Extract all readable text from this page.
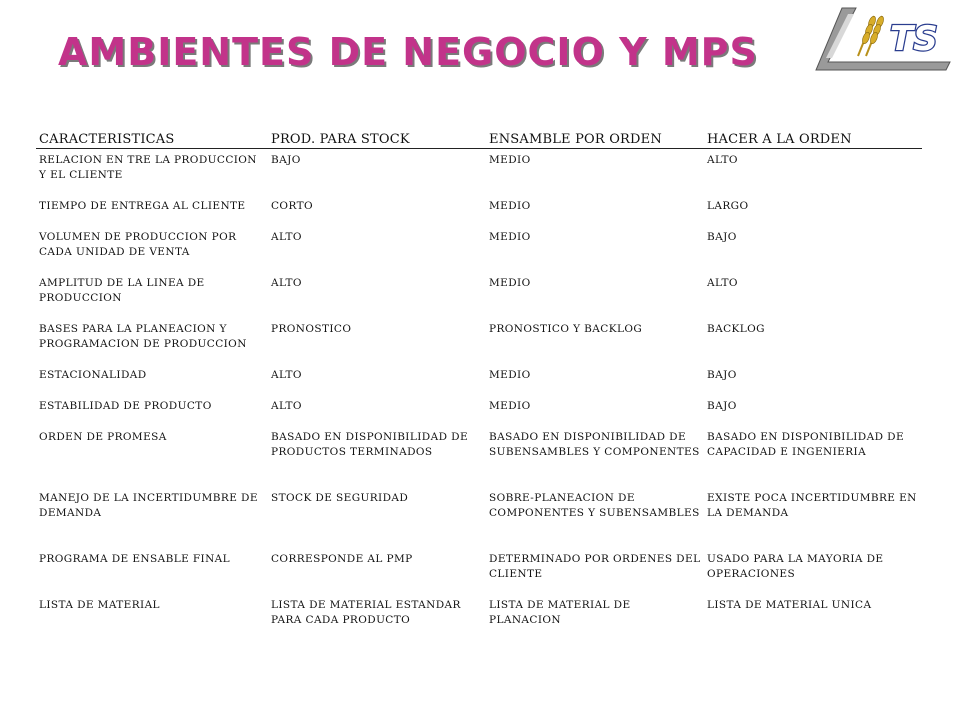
AMBIENTES DE NEGOCIO Y MPS	TS
CARACTERISTICAS	PROD. PARA STOCK	ENSAMBLE POR ORDEN	HACER A LA ORDEN
RELACION EN TRE LA PRODUCCION Y EL CLIENTE	BAJO	MEDIO	ALTO
TIEMPO DE ENTREGA AL CLIENTE	CORTO	MEDIO	LARGO
VOLUMEN DE PRODUCCION POR CADA UNIDAD DE VENTA	ALTO	MEDIO	BAJO
AMPLITUD DE LA LINEA DE PRODUCCION	ALTO	MEDIO	ALTO
BASES PARA LA PLANEACION Y PROGRAMACION DE PRODUCCION	PRONOSTICO	PRONOSTICO Y BACKLOG	BACKLOG
ESTACIONALIDAD	ALTO	MEDIO	BAJO
ESTABILIDAD DE PRODUCTO	ALTO	MEDIO	BAJO
ORDEN DE PROMESA	BASADO EN DISPONIBILIDAD DE PRODUCTOS TERMINADOS	BASADO EN DISPONIBILIDAD DE SUBENSAMBLES Y COMPONENTES	BASADO EN DISPONIBILIDAD DE CAPACIDAD E INGENIERIA
MANEJO DE LA INCERTIDUMBRE DE DEMANDA	STOCK DE SEGURIDAD	SOBRE-PLANEACION DE COMPONENTES Y SUBENSAMBLES	EXISTE POCA INCERTIDUMBRE EN LA DEMANDA
PROGRAMA DE ENSABLE FINAL	CORRESPONDE AL PMP	DETERMINADO POR ORDENES DEL CLIENTE	USADO PARA LA MAYORIA DE OPERACIONES
LISTA DE MATERIAL	LISTA DE MATERIAL ESTANDAR PARA CADA PRODUCTO	LISTA DE MATERIAL DE PLANACION	LISTA DE MATERIAL UNICA
